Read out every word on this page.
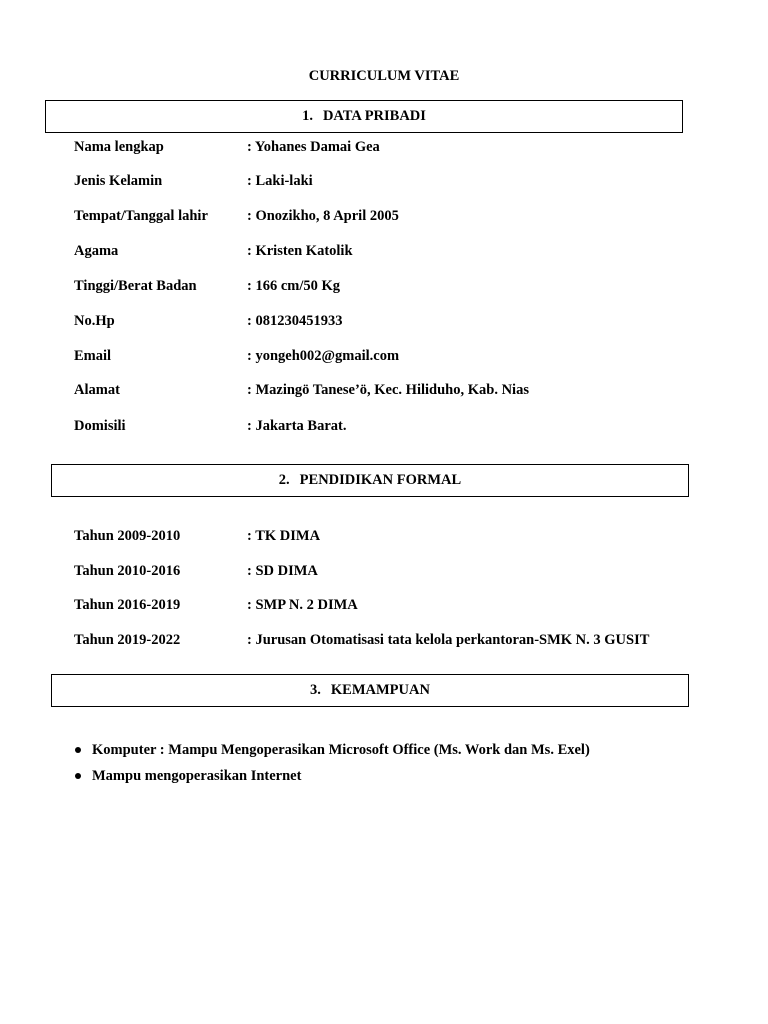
CURRICULUM VITAE
1. DATA PRIBADI
Nama lengkap	: Yohanes Damai Gea
Jenis Kelamin	: Laki-laki
Tempat/Tanggal lahir	: Onozikho, 8 April 2005
Agama	: Kristen Katolik
Tinggi/Berat Badan	: 166 cm/50 Kg
No.Hp	: 081230451933
Email	: yongeh002@gmail.com
Alamat	: Mazingö Tanese’ö, Kec. Hiliduho, Kab. Nias
Domisili	: Jakarta Barat.
2. PENDIDIKAN FORMAL
Tahun 2009-2010	: TK DIMA
Tahun 2010-2016	: SD DIMA
Tahun 2016-2019	: SMP N. 2 DIMA
Tahun 2019-2022	: Jurusan Otomatisasi tata kelola perkantoran-SMK N. 3 GUSIT
3. KEMAMPUAN
Komputer : Mampu Mengoperasikan Microsoft Office (Ms. Work dan Ms. Exel)
Mampu mengoperasikan Internet
